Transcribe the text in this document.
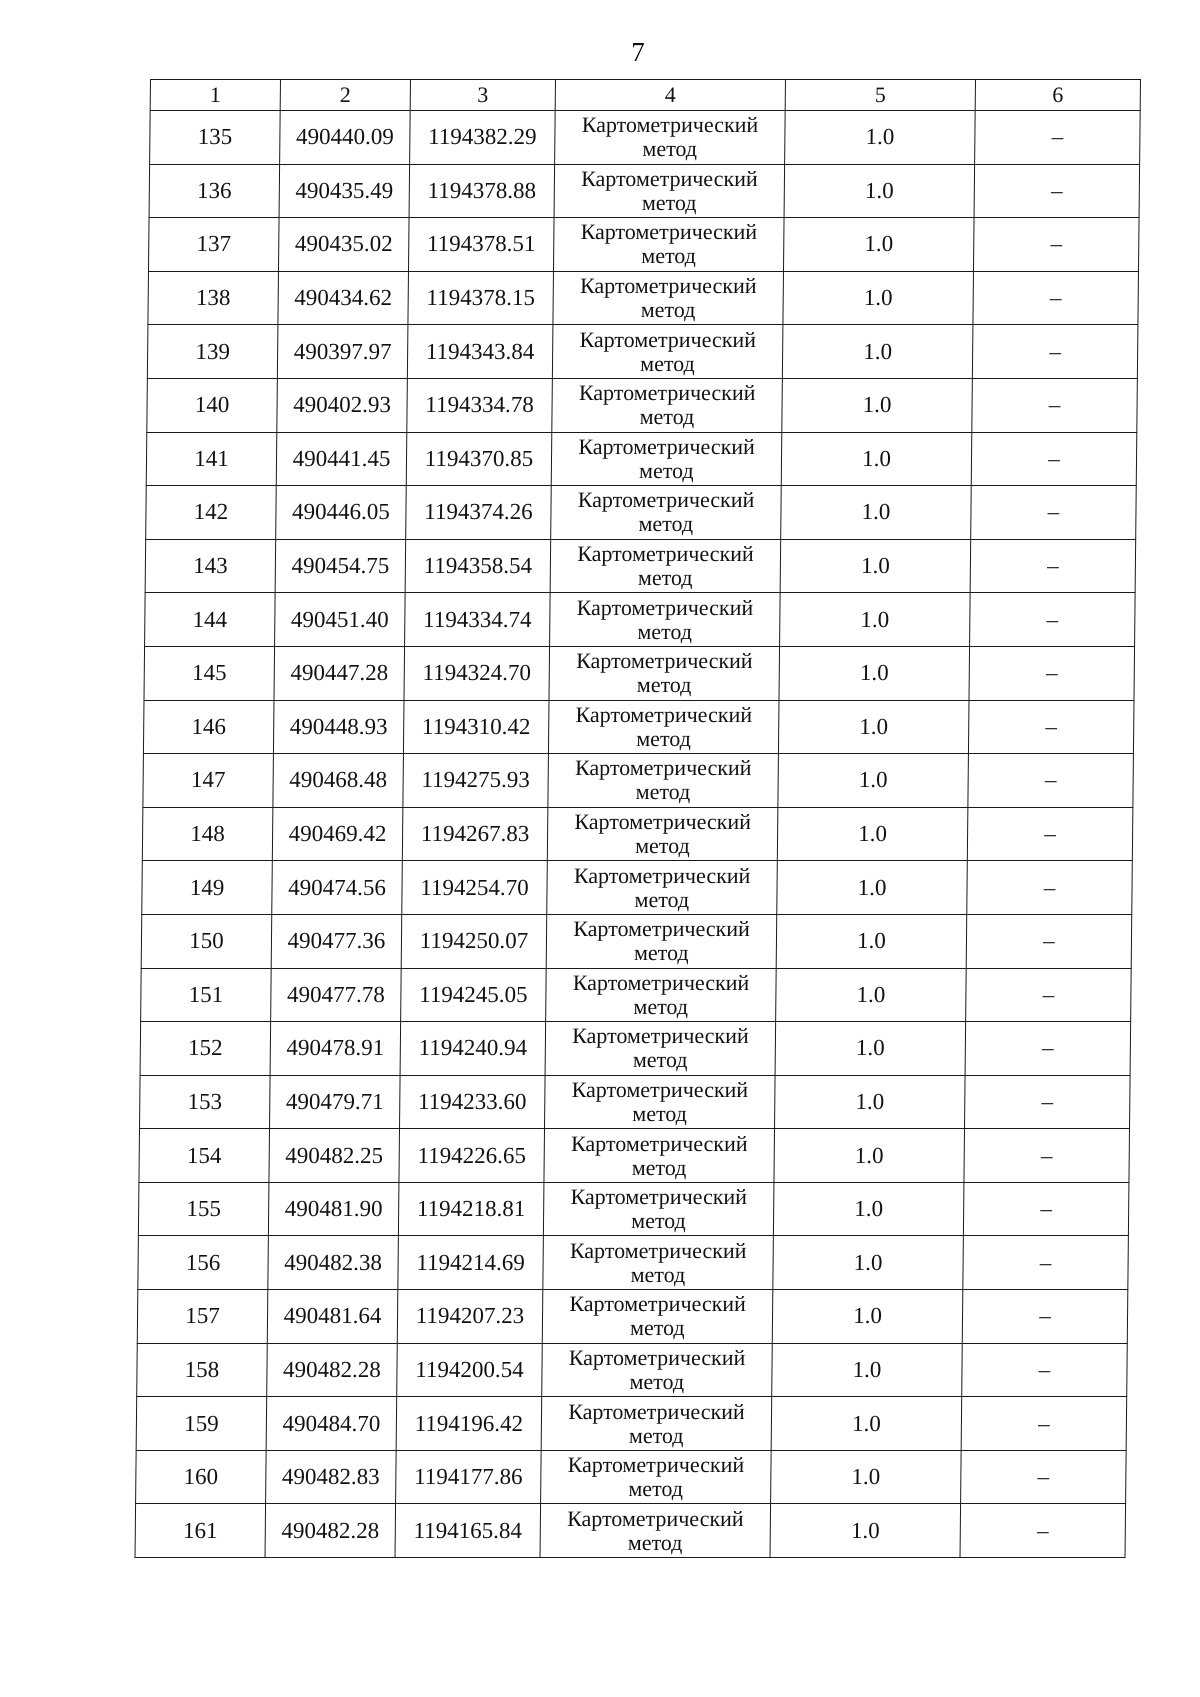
7
1	2	3	4	5	6
135	490440.09	1194382.29	Картометрический метод	1.0	–
136	490435.49	1194378.88	Картометрический метод	1.0	–
137	490435.02	1194378.51	Картометрический метод	1.0	–
138	490434.62	1194378.15	Картометрический метод	1.0	–
139	490397.97	1194343.84	Картометрический метод	1.0	–
140	490402.93	1194334.78	Картометрический метод	1.0	–
141	490441.45	1194370.85	Картометрический метод	1.0	–
142	490446.05	1194374.26	Картометрический метод	1.0	–
143	490454.75	1194358.54	Картометрический метод	1.0	–
144	490451.40	1194334.74	Картометрический метод	1.0	–
145	490447.28	1194324.70	Картометрический метод	1.0	–
146	490448.93	1194310.42	Картометрический метод	1.0	–
147	490468.48	1194275.93	Картометрический метод	1.0	–
148	490469.42	1194267.83	Картометрический метод	1.0	–
149	490474.56	1194254.70	Картометрический метод	1.0	–
150	490477.36	1194250.07	Картометрический метод	1.0	–
151	490477.78	1194245.05	Картометрический метод	1.0	–
152	490478.91	1194240.94	Картометрический метод	1.0	–
153	490479.71	1194233.60	Картометрический метод	1.0	–
154	490482.25	1194226.65	Картометрический метод	1.0	–
155	490481.90	1194218.81	Картометрический метод	1.0	–
156	490482.38	1194214.69	Картометрический метод	1.0	–
157	490481.64	1194207.23	Картометрический метод	1.0	–
158	490482.28	1194200.54	Картометрический метод	1.0	–
159	490484.70	1194196.42	Картометрический метод	1.0	–
160	490482.83	1194177.86	Картометрический метод	1.0	–
161	490482.28	1194165.84	Картометрический метод	1.0	–
